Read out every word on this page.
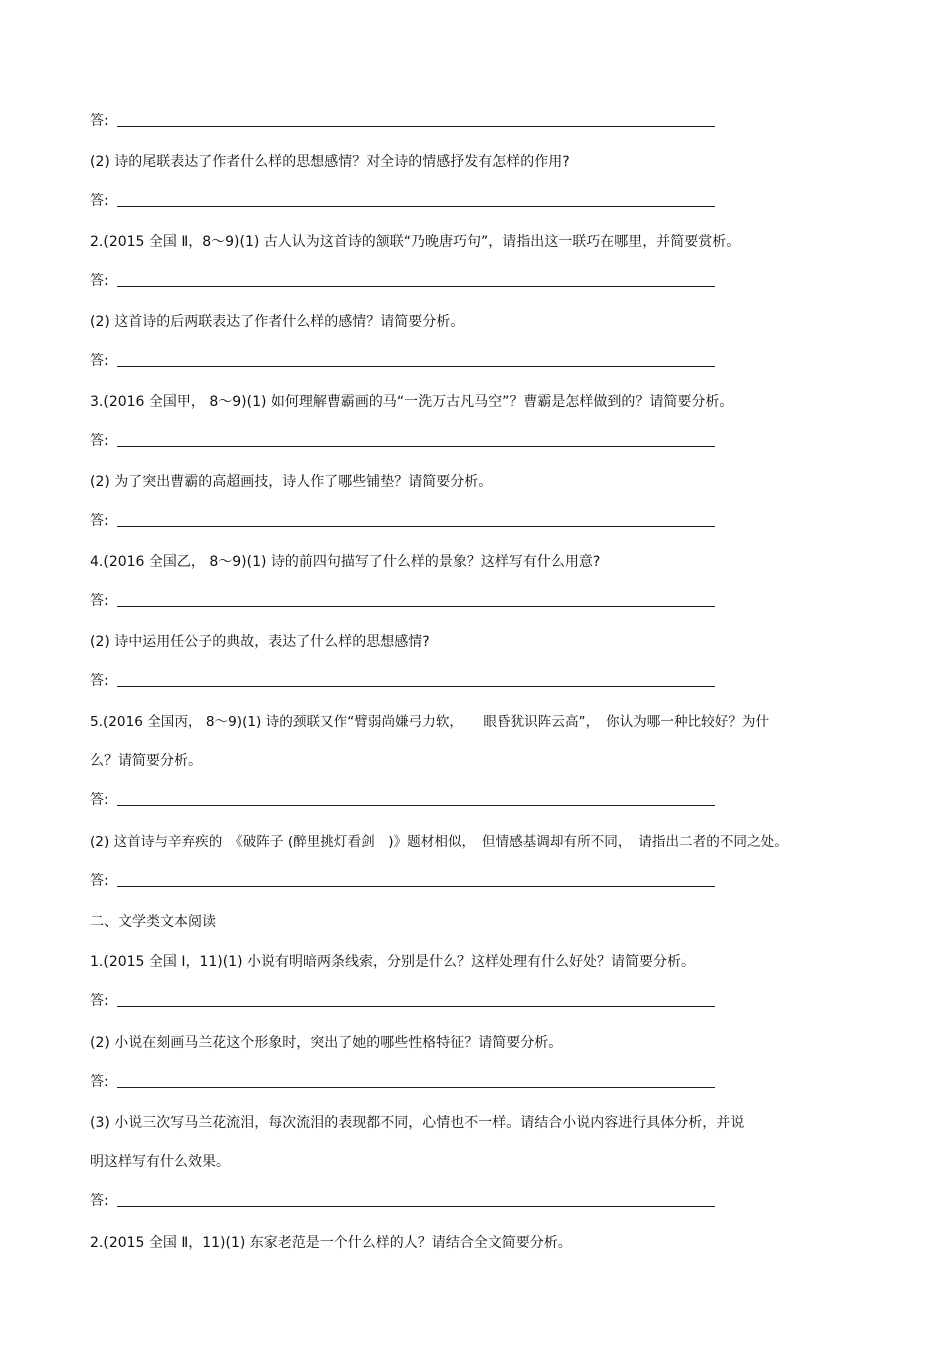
答:
(2) 诗的尾联表达了作者什么样的思想感情？对全诗的情感抒发有怎样的作用?
答:
2.(2015 全国 Ⅱ，8～9)(1) 古人认为这首诗的颔联“乃晚唐巧句”，请指出这一联巧在哪里，并简要赏析。
答:
(2) 这首诗的后两联表达了作者什么样的感情？请简要分析。
答:
3.(2016 全国甲， 8～9)(1) 如何理解曹霸画的马“一洗万古凡马空”？曹霸是怎样做到的？请简要分析。
答:
(2) 为了突出曹霸的高超画技，诗人作了哪些铺垫？请简要分析。
答:
4.(2016 全国乙， 8～9)(1) 诗的前四句描写了什么样的景象？这样写有什么用意?
答:
(2) 诗中运用任公子的典故，表达了什么样的思想感情?
答:
5.(2016 全国丙， 8～9)(1) 诗的颈联又作“臂弱尚嫌弓力软，　　眼昏犹识阵云高”，　你认为哪一种比较好？为什
么？请简要分析。
答:
(2) 这首诗与辛弃疾的　《破阵子 (醉里挑灯看剑　)》题材相似，　但情感基调却有所不同，　请指出二者的不同之处。
答:
二、文学类文本阅读
1.(2015 全国 Ⅰ，11)(1) 小说有明暗两条线索，分别是什么？这样处理有什么好处？请简要分析。
答:
(2) 小说在刻画马兰花这个形象时，突出了她的哪些性格特征？请简要分析。
答:
(3) 小说三次写马兰花流泪，每次流泪的表现都不同，心情也不一样。请结合小说内容进行具体分析，并说
明这样写有什么效果。
答:
2.(2015 全国 Ⅱ，11)(1) 东家老范是一个什么样的人？请结合全文简要分析。
